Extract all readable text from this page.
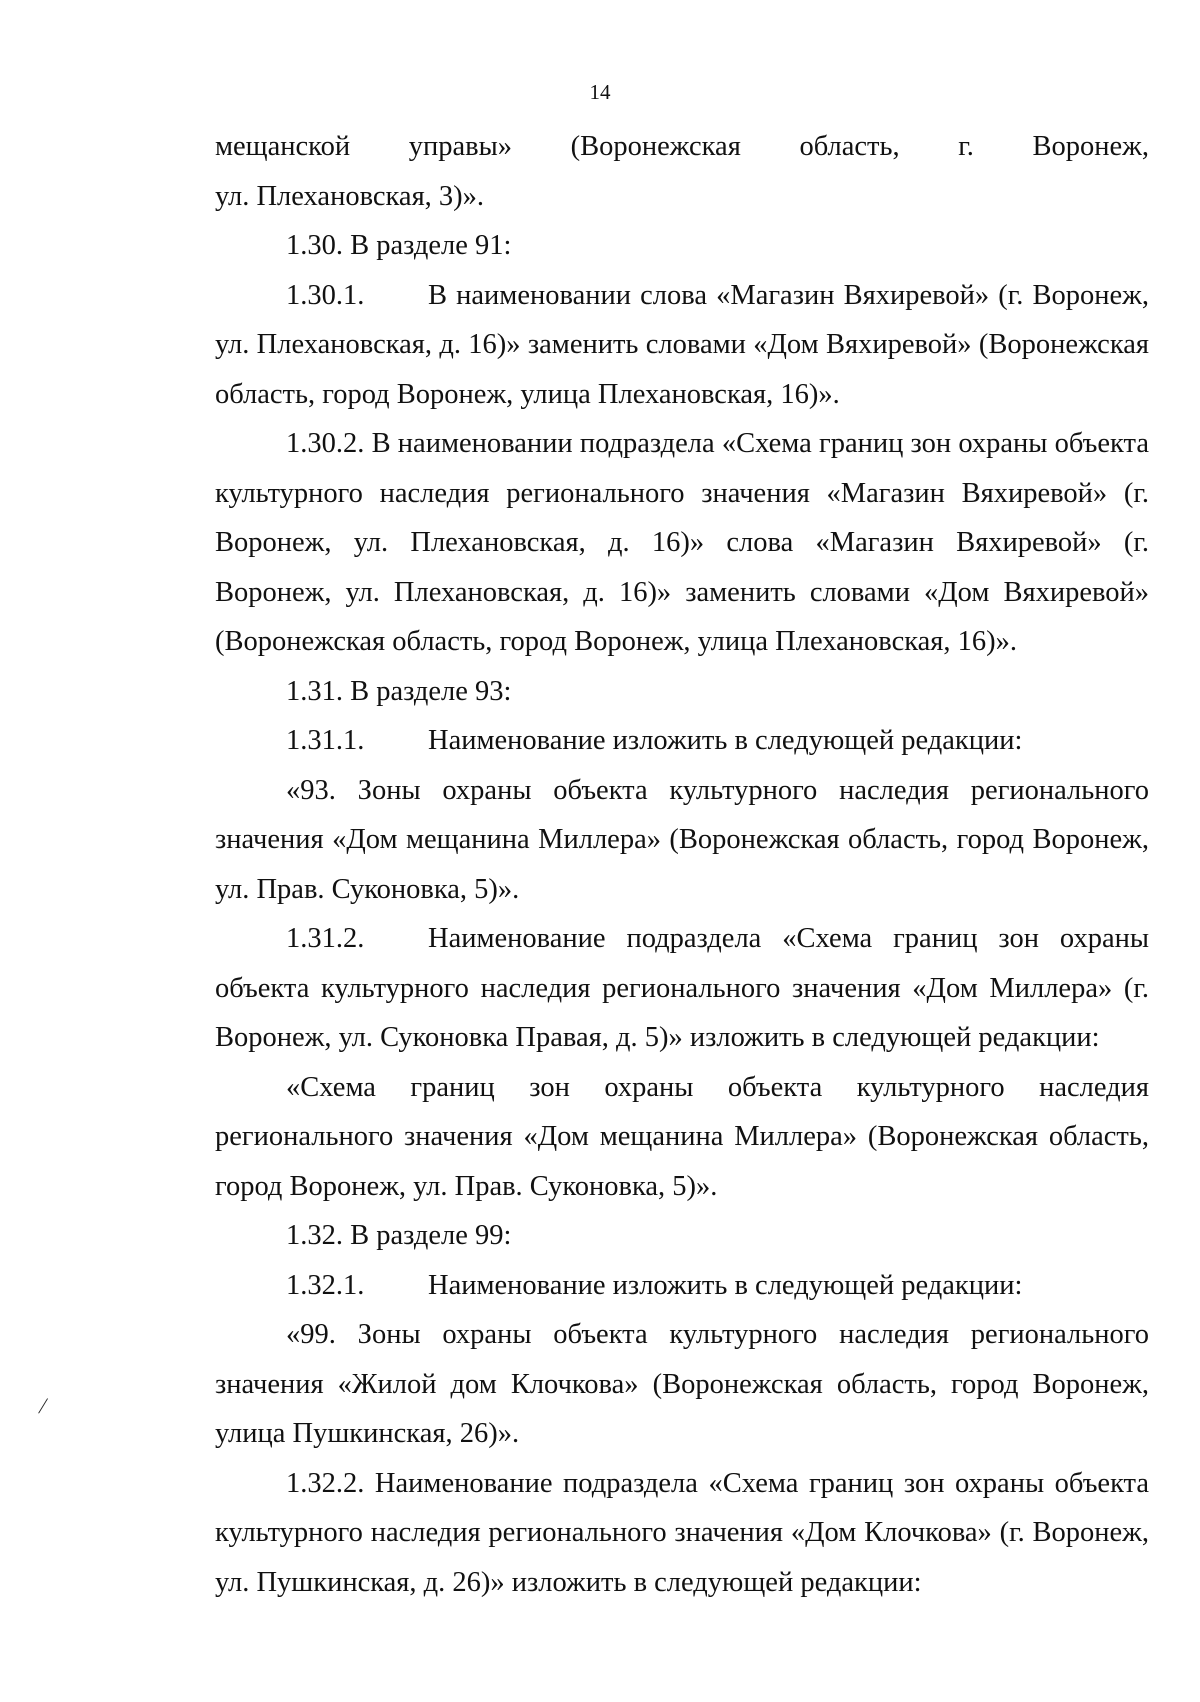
14

мещанской управы» (Воронежская область, г. Воронеж,

ул. Плехановская, 3)».

1.30. В разделе 91:

1.30.1. В наименовании слова «Магазин Вяхиревой» (г. Воронеж, ул. Плехановская, д. 16)» заменить словами «Дом Вяхиревой» (Воронежская область, город Воронеж, улица Плехановская, 16)».

1.30.2. В наименовании подраздела «Схема границ зон охраны объекта культурного наследия регионального значения «Магазин Вяхиревой» (г. Воронеж, ул. Плехановская, д. 16)» слова «Магазин Вяхиревой» (г. Воронеж, ул. Плехановская, д. 16)» заменить словами «Дом Вяхиревой» (Воронежская область, город Воронеж, улица Плехановская, 16)».

1.31. В разделе 93:

1.31.1. Наименование изложить в следующей редакции:

«93. Зоны охраны объекта культурного наследия регионального значения «Дом мещанина Миллера» (Воронежская область, город Воронеж, ул. Прав. Суконовка, 5)».

1.31.2. Наименование подраздела «Схема границ зон охраны объекта культурного наследия регионального значения «Дом Миллера» (г. Воронеж, ул. Суконовка Правая, д. 5)» изложить в следующей редакции:

«Схема границ зон охраны объекта культурного наследия регионального значения «Дом мещанина Миллера» (Воронежская область, город Воронеж, ул. Прав. Суконовка, 5)».

1.32. В разделе 99:

1.32.1. Наименование изложить в следующей редакции:

«99. Зоны охраны объекта культурного наследия регионального значения «Жилой дом Клочкова» (Воронежская область, город Воронеж, улица Пушкинская, 26)».

1.32.2. Наименование подраздела «Схема границ зон охраны объекта культурного наследия регионального значения «Дом Клочкова» (г. Воронеж, ул. Пушкинская, д. 26)» изложить в следующей редакции:

/
